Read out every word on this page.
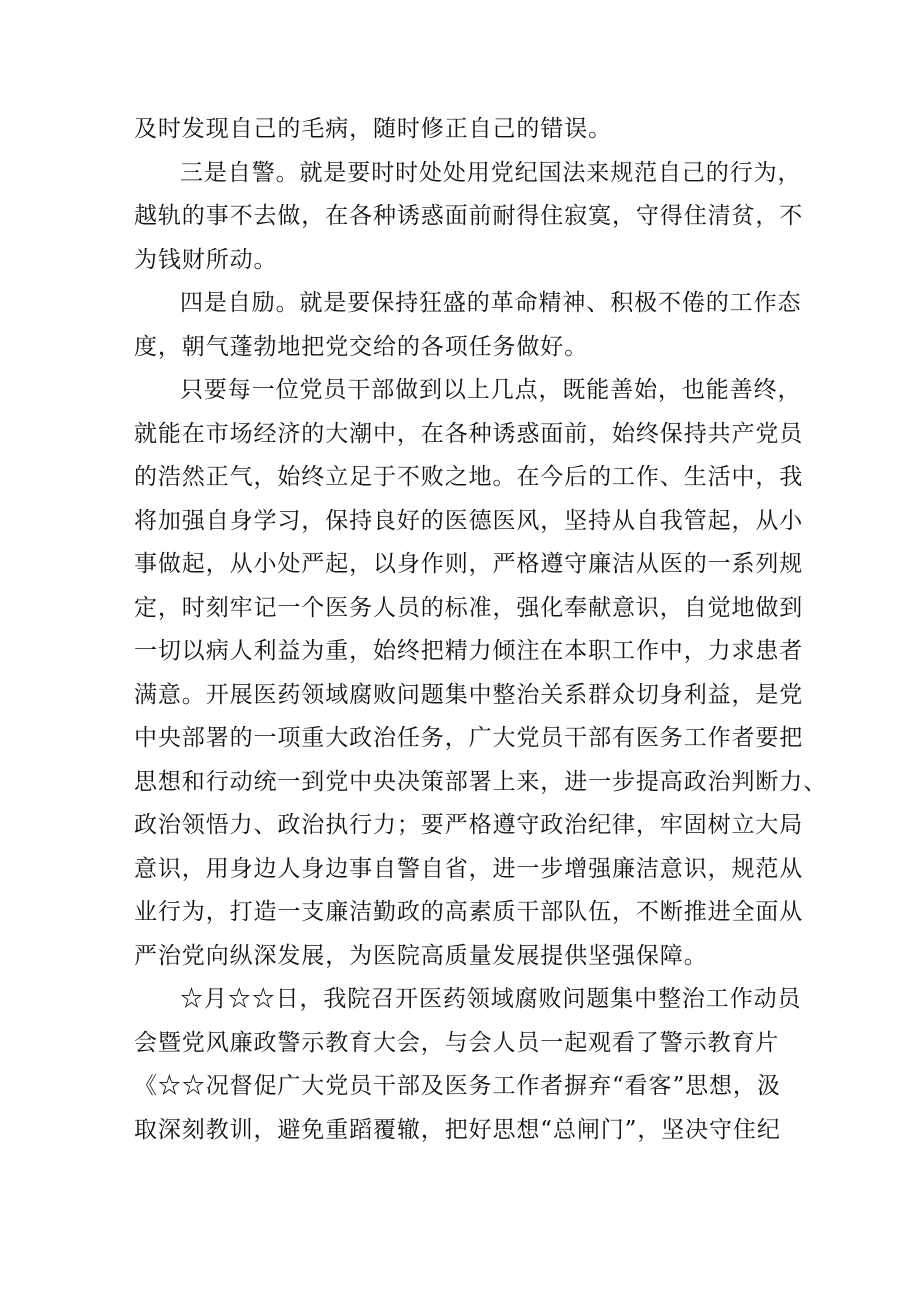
及时发现自己的毛病，随时修正自己的错误。
三是自警。就是要时时处处用党纪国法来规范自己的行为，
越轨的事不去做，在各种诱惑面前耐得住寂寞，守得住清贫，不
为钱财所动。
四是自励。就是要保持狂盛的革命精神、积极不倦的工作态
度，朝气蓬勃地把党交给的各项任务做好。
只要每一位党员干部做到以上几点，既能善始，也能善终，
就能在市场经济的大潮中，在各种诱惑面前，始终保持共产党员
的浩然正气，始终立足于不败之地。在今后的工作、生活中，我
将加强自身学习，保持良好的医德医风，坚持从自我管起，从小
事做起，从小处严起，以身作则，严格遵守廉洁从医的一系列规
定，时刻牢记一个医务人员的标准，强化奉献意识，自觉地做到
一切以病人利益为重，始终把精力倾注在本职工作中，力求患者
满意。开展医药领域腐败问题集中整治关系群众切身利益，是党
中央部署的一项重大政治任务，广大党员干部有医务工作者要把
思想和行动统一到党中央决策部署上来，进一步提高政治判断力、
政治领悟力、政治执行力；要严格遵守政治纪律，牢固树立大局
意识，用身边人身边事自警自省，进一步增强廉洁意识，规范从
业行为，打造一支廉洁勤政的高素质干部队伍，不断推进全面从
严治党向纵深发展，为医院高质量发展提供坚强保障。
☆月☆☆日，我院召开医药领域腐败问题集中整治工作动员
会暨党风廉政警示教育大会，与会人员一起观看了警示教育片
《☆☆况督促广大党员干部及医务工作者摒弃“看客”思想，汲
取深刻教训，避免重蹈覆辙，把好思想“总闸门”，坚决守住纪
